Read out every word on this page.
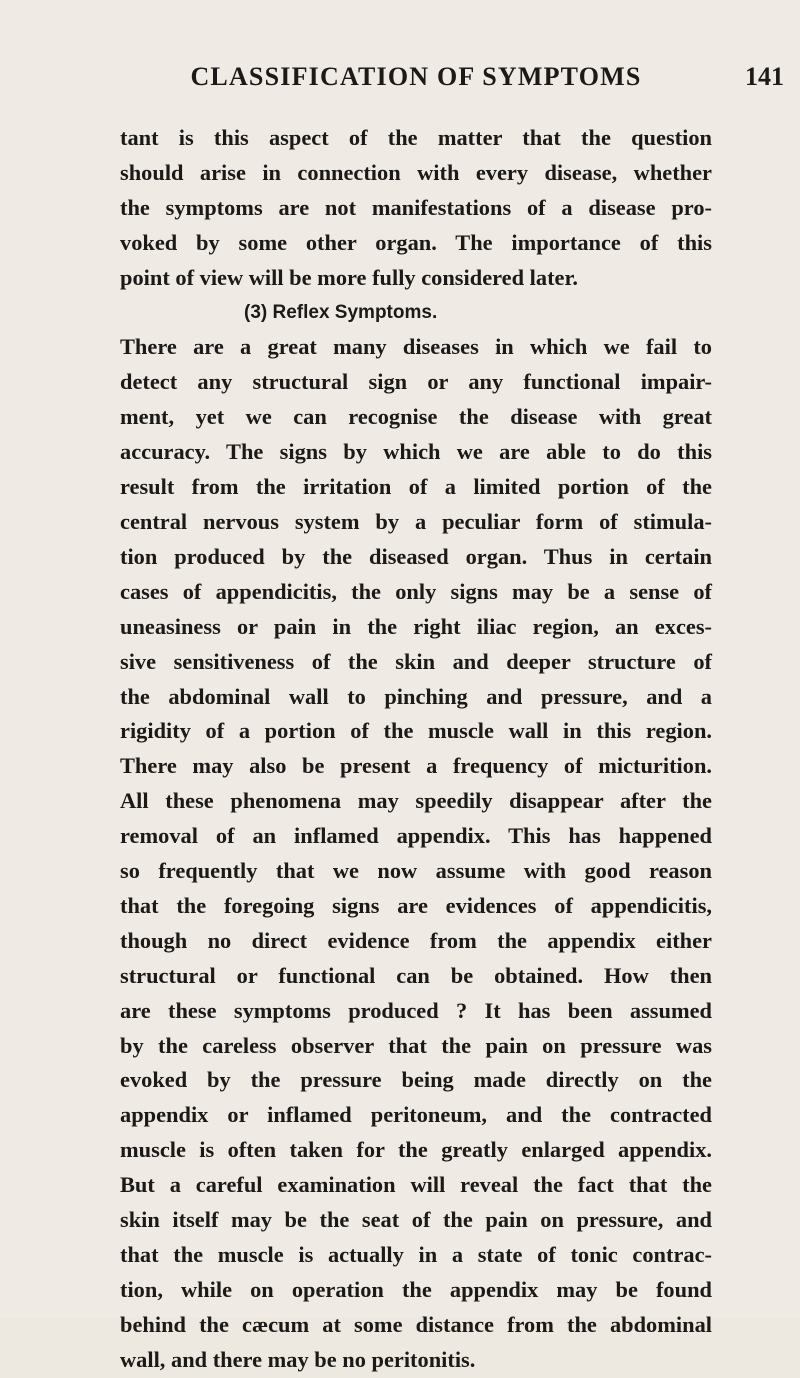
CLASSIFICATION OF SYMPTOMS	141

tant is this aspect of the matter that the question
should arise in connection with every disease, whether
the symptoms are not manifestations of a disease pro-
voked by some other organ. The importance of this
point of view will be more fully considered later.

(3) Reflex Symptoms.

There are a great many diseases in which we fail to
detect any structural sign or any functional impair-
ment, yet we can recognise the disease with great
accuracy. The signs by which we are able to do this
result from the irritation of a limited portion of the
central nervous system by a peculiar form of stimula-
tion produced by the diseased organ. Thus in certain
cases of appendicitis, the only signs may be a sense of
uneasiness or pain in the right iliac region, an exces-
sive sensitiveness of the skin and deeper structure of
the abdominal wall to pinching and pressure, and a
rigidity of a portion of the muscle wall in this region.
There may also be present a frequency of micturition.
All these phenomena may speedily disappear after the
removal of an inflamed appendix. This has happened
so frequently that we now assume with good reason
that the foregoing signs are evidences of appendicitis,
though no direct evidence from the appendix either
structural or functional can be obtained. How then
are these symptoms produced ? It has been assumed
by the careless observer that the pain on pressure was
evoked by the pressure being made directly on the
appendix or inflamed peritoneum, and the contracted
muscle is often taken for the greatly enlarged appendix.
But a careful examination will reveal the fact that the
skin itself may be the seat of the pain on pressure, and
that the muscle is actually in a state of tonic contrac-
tion, while on operation the appendix may be found
behind the cæcum at some distance from the abdominal
wall, and there may be no peritonitis.
